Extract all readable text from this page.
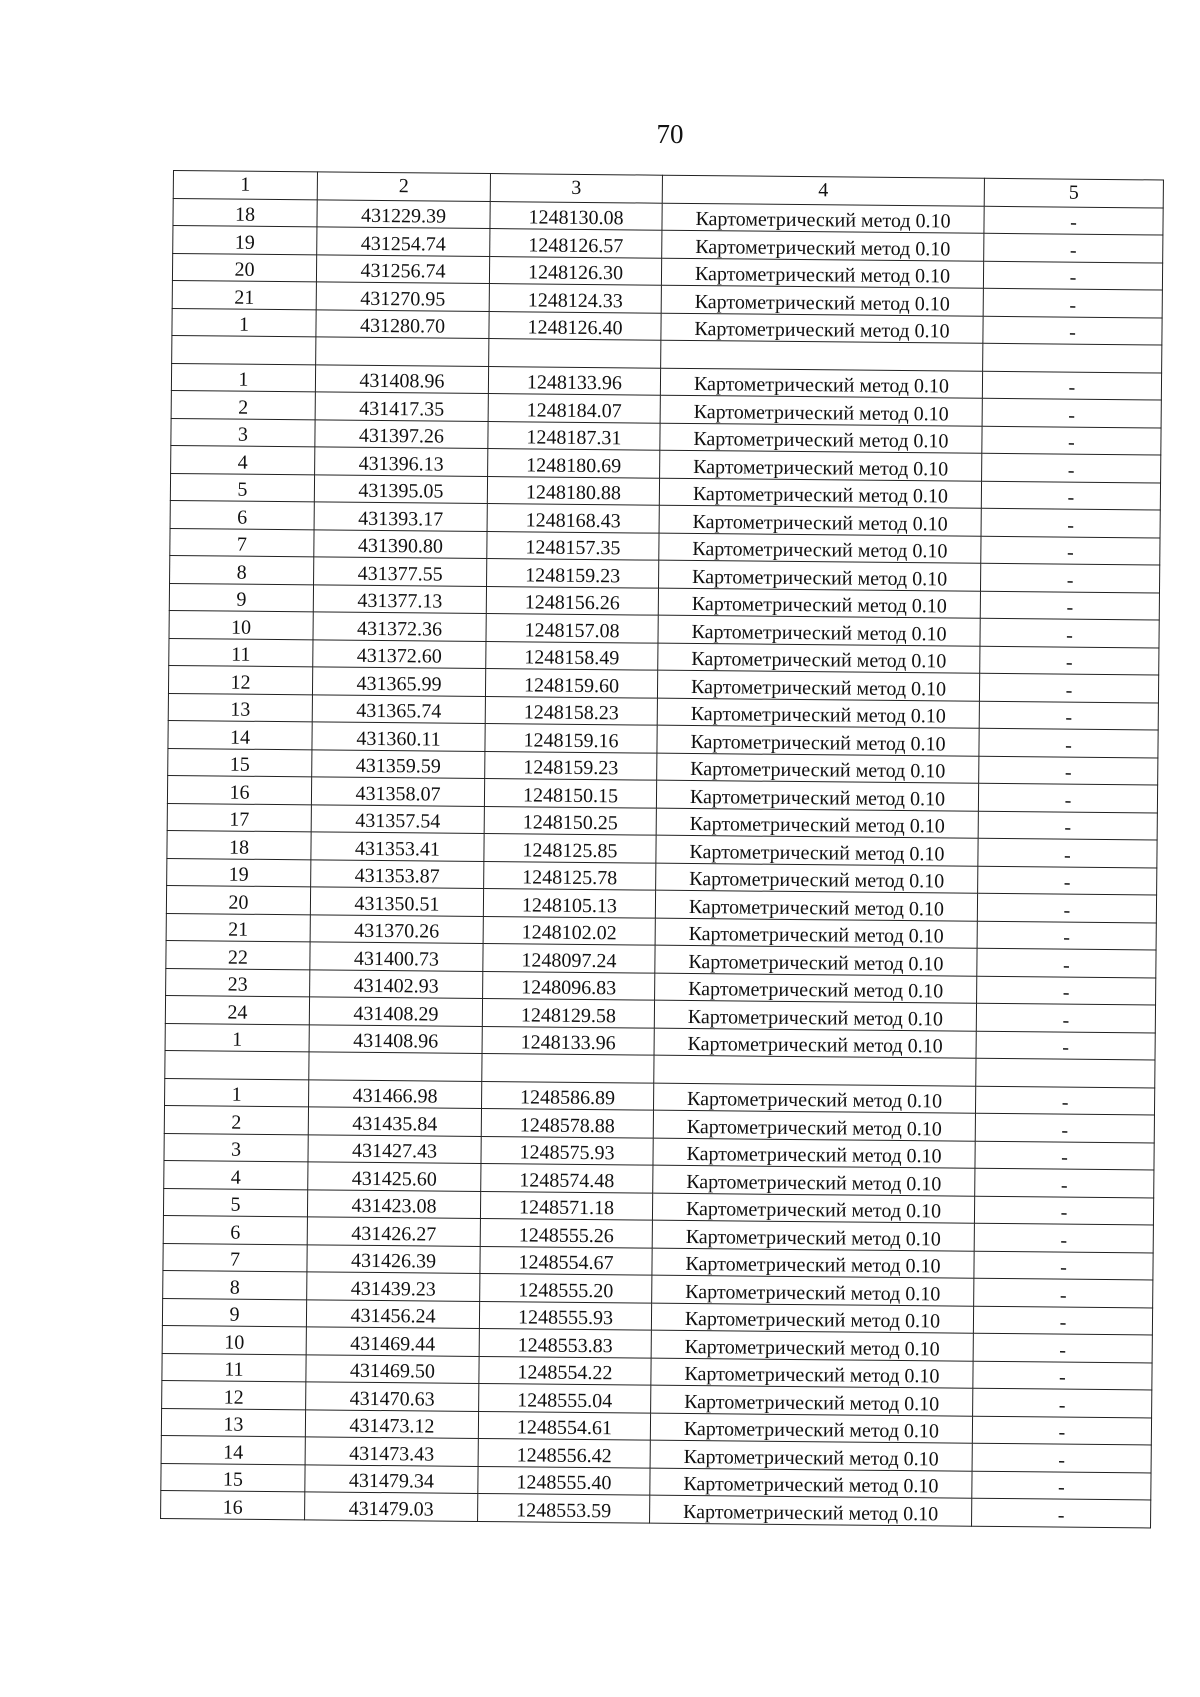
70
1	2	3	4	5
18	431229.39	1248130.08	Картометрический метод 0.10	-
19	431254.74	1248126.57	Картометрический метод 0.10	-
20	431256.74	1248126.30	Картометрический метод 0.10	-
21	431270.95	1248124.33	Картометрический метод 0.10	-
1	431280.70	1248126.40	Картометрический метод 0.10	-

1	431408.96	1248133.96	Картометрический метод 0.10	-
2	431417.35	1248184.07	Картометрический метод 0.10	-
3	431397.26	1248187.31	Картометрический метод 0.10	-
4	431396.13	1248180.69	Картометрический метод 0.10	-
5	431395.05	1248180.88	Картометрический метод 0.10	-
6	431393.17	1248168.43	Картометрический метод 0.10	-
7	431390.80	1248157.35	Картометрический метод 0.10	-
8	431377.55	1248159.23	Картометрический метод 0.10	-
9	431377.13	1248156.26	Картометрический метод 0.10	-
10	431372.36	1248157.08	Картометрический метод 0.10	-
11	431372.60	1248158.49	Картометрический метод 0.10	-
12	431365.99	1248159.60	Картометрический метод 0.10	-
13	431365.74	1248158.23	Картометрический метод 0.10	-
14	431360.11	1248159.16	Картометрический метод 0.10	-
15	431359.59	1248159.23	Картометрический метод 0.10	-
16	431358.07	1248150.15	Картометрический метод 0.10	-
17	431357.54	1248150.25	Картометрический метод 0.10	-
18	431353.41	1248125.85	Картометрический метод 0.10	-
19	431353.87	1248125.78	Картометрический метод 0.10	-
20	431350.51	1248105.13	Картометрический метод 0.10	-
21	431370.26	1248102.02	Картометрический метод 0.10	-
22	431400.73	1248097.24	Картометрический метод 0.10	-
23	431402.93	1248096.83	Картометрический метод 0.10	-
24	431408.29	1248129.58	Картометрический метод 0.10	-
1	431408.96	1248133.96	Картометрический метод 0.10	-

1	431466.98	1248586.89	Картометрический метод 0.10	-
2	431435.84	1248578.88	Картометрический метод 0.10	-
3	431427.43	1248575.93	Картометрический метод 0.10	-
4	431425.60	1248574.48	Картометрический метод 0.10	-
5	431423.08	1248571.18	Картометрический метод 0.10	-
6	431426.27	1248555.26	Картометрический метод 0.10	-
7	431426.39	1248554.67	Картометрический метод 0.10	-
8	431439.23	1248555.20	Картометрический метод 0.10	-
9	431456.24	1248555.93	Картометрический метод 0.10	-
10	431469.44	1248553.83	Картометрический метод 0.10	-
11	431469.50	1248554.22	Картометрический метод 0.10	-
12	431470.63	1248555.04	Картометрический метод 0.10	-
13	431473.12	1248554.61	Картометрический метод 0.10	-
14	431473.43	1248556.42	Картометрический метод 0.10	-
15	431479.34	1248555.40	Картометрический метод 0.10	-
16	431479.03	1248553.59	Картометрический метод 0.10	-
